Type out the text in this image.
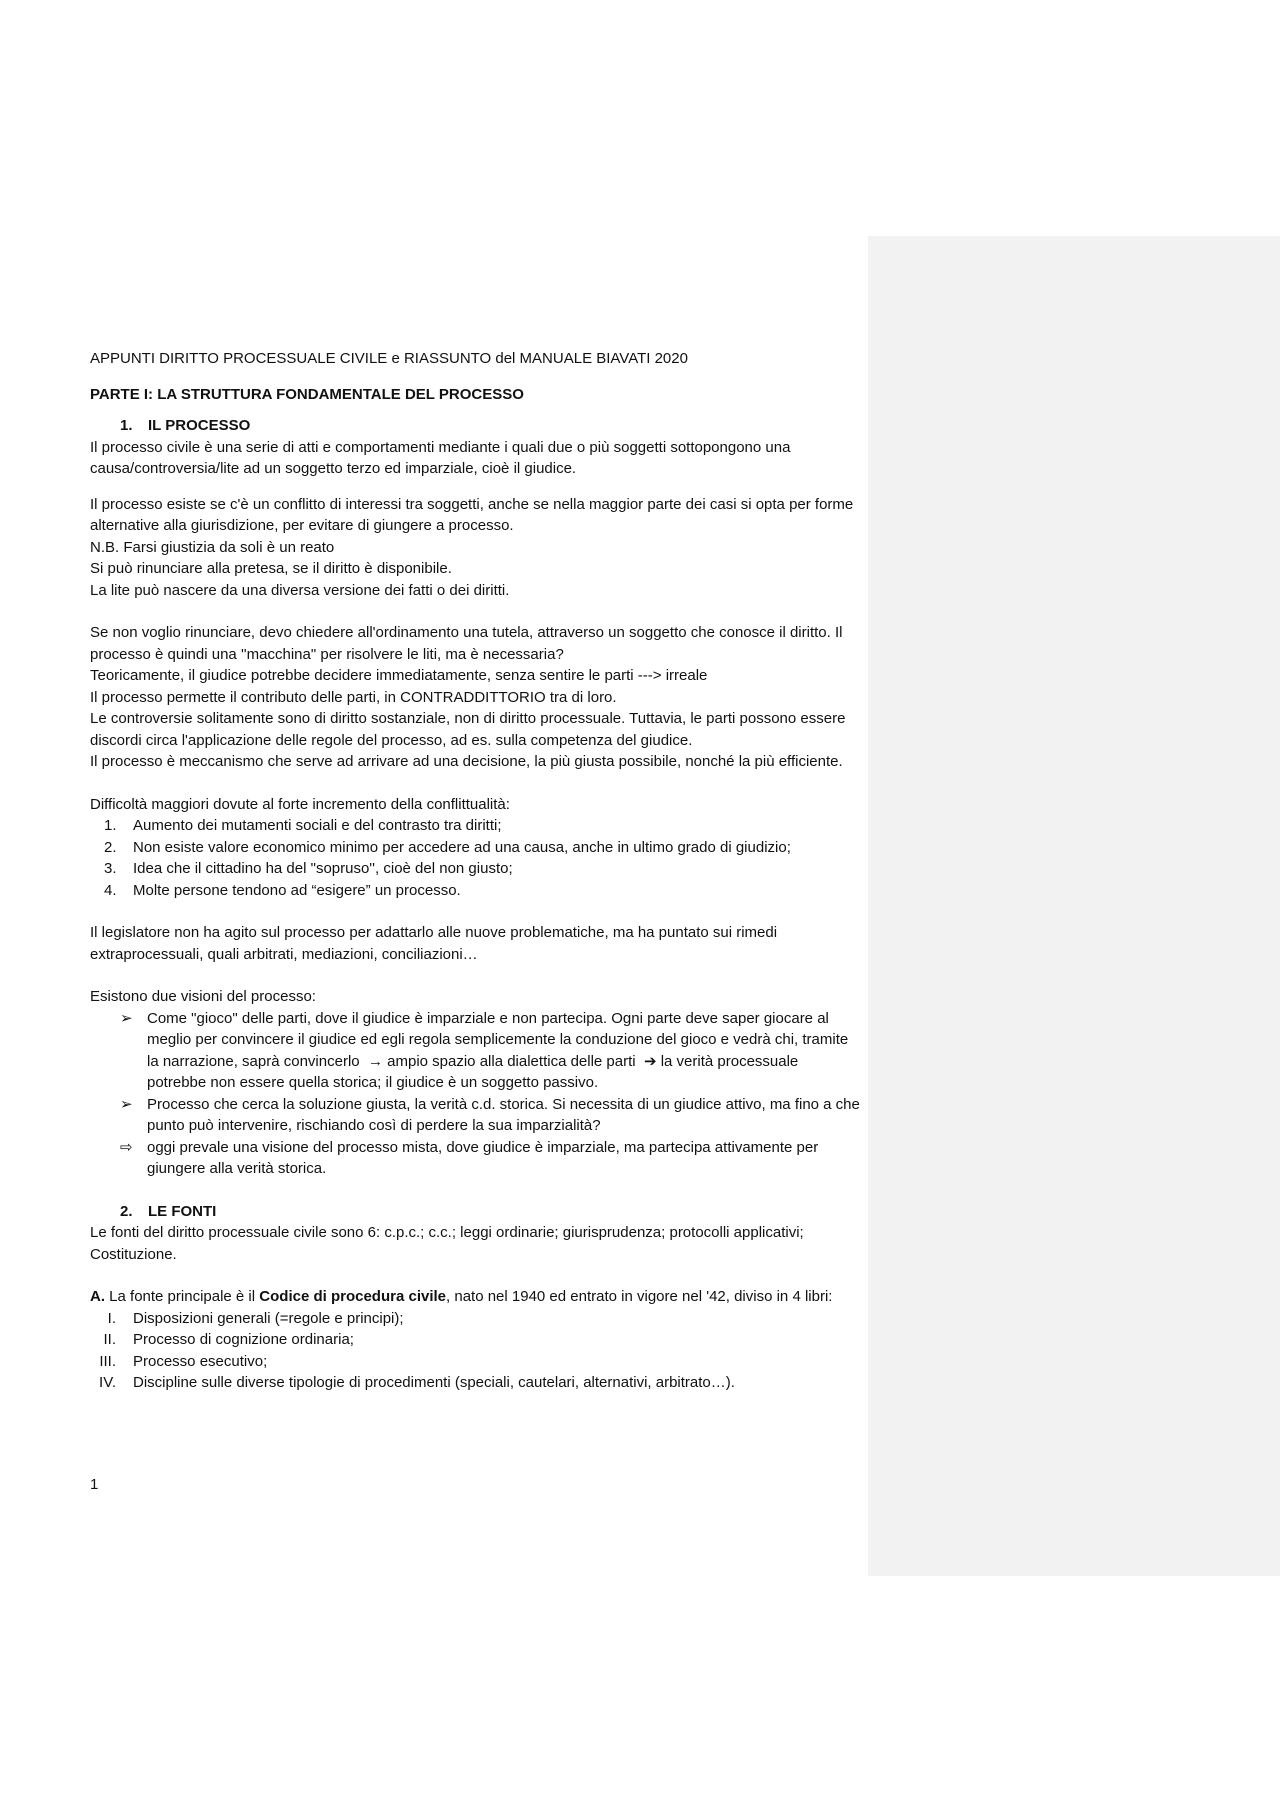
APPUNTI DIRITTO PROCESSUALE CIVILE e RIASSUNTO del MANUALE BIAVATI 2020

PARTE I: LA STRUTTURA FONDAMENTALE DEL PROCESSO

1. IL PROCESSO

Il processo civile è una serie di atti e comportamenti mediante i quali due o più soggetti sottopongono una causa/controversia/lite ad un soggetto terzo ed imparziale, cioè il giudice.

Il processo esiste se c'è un conflitto di interessi tra soggetti, anche se nella maggior parte dei casi si opta per forme alternative alla giurisdizione, per evitare di giungere a processo.

N.B. Farsi giustizia da soli è un reato

Si può rinunciare alla pretesa, se il diritto è disponibile.

La lite può nascere da una diversa versione dei fatti o dei diritti.

Se non voglio rinunciare, devo chiedere all'ordinamento una tutela, attraverso un soggetto che conosce il diritto. Il processo è quindi una ''macchina" per risolvere le liti, ma è necessaria?

Teoricamente, il giudice potrebbe decidere immediatamente, senza sentire le parti ---> irreale

Il processo permette il contributo delle parti, in CONTRADDITTORIO tra di loro.

Le controversie solitamente sono di diritto sostanziale, non di diritto processuale. Tuttavia, le parti possono essere discordi circa l'applicazione delle regole del processo, ad es. sulla competenza del giudice.

Il processo è meccanismo che serve ad arrivare ad una decisione, la più giusta possibile, nonché la più efficiente.

Difficoltà maggiori dovute al forte incremento della conflittualità:

1.	Aumento dei mutamenti sociali e del contrasto tra diritti;
2.	Non esiste valore economico minimo per accedere ad una causa, anche in ultimo grado di giudizio;
3.	Idea che il cittadino ha del "sopruso'', cioè del non giusto;
4.	Molte persone tendono ad “esigere” un processo.

Il legislatore non ha agito sul processo per adattarlo alle nuove problematiche, ma ha puntato sui rimedi extraprocessuali, quali arbitrati, mediazioni, conciliazioni…

Esistono due visioni del processo:

➢ Come "gioco" delle parti, dove il giudice è imparziale e non partecipa. Ogni parte deve saper giocare al meglio per convincere il giudice ed egli regola semplicemente la conduzione del gioco e vedrà chi, tramite la narrazione, saprà convincerlo  → ampio spazio alla dialettica delle parti  ➔ la verità processuale potrebbe non essere quella storica; il giudice è un soggetto passivo.
➢ Processo che cerca la soluzione giusta, la verità c.d. storica. Si necessita di un giudice attivo, ma fino a che punto può intervenire, rischiando così di perdere la sua imparzialità?
⇨ oggi prevale una visione del processo mista, dove giudice è imparziale, ma partecipa attivamente per giungere alla verità storica.

2. LE FONTI

Le fonti del diritto processuale civile sono 6: c.p.c.; c.c.; leggi ordinarie; giurisprudenza; protocolli applicativi; Costituzione.

A. La fonte principale è il Codice di procedura civile, nato nel 1940 ed entrato in vigore nel '42, diviso in 4 libri:

I. Disposizioni generali (=regole e principi);
II. Processo di cognizione ordinaria;
III. Processo esecutivo;
IV. Discipline sulle diverse tipologie di procedimenti (speciali, cautelari, alternativi, arbitrato…).
1
